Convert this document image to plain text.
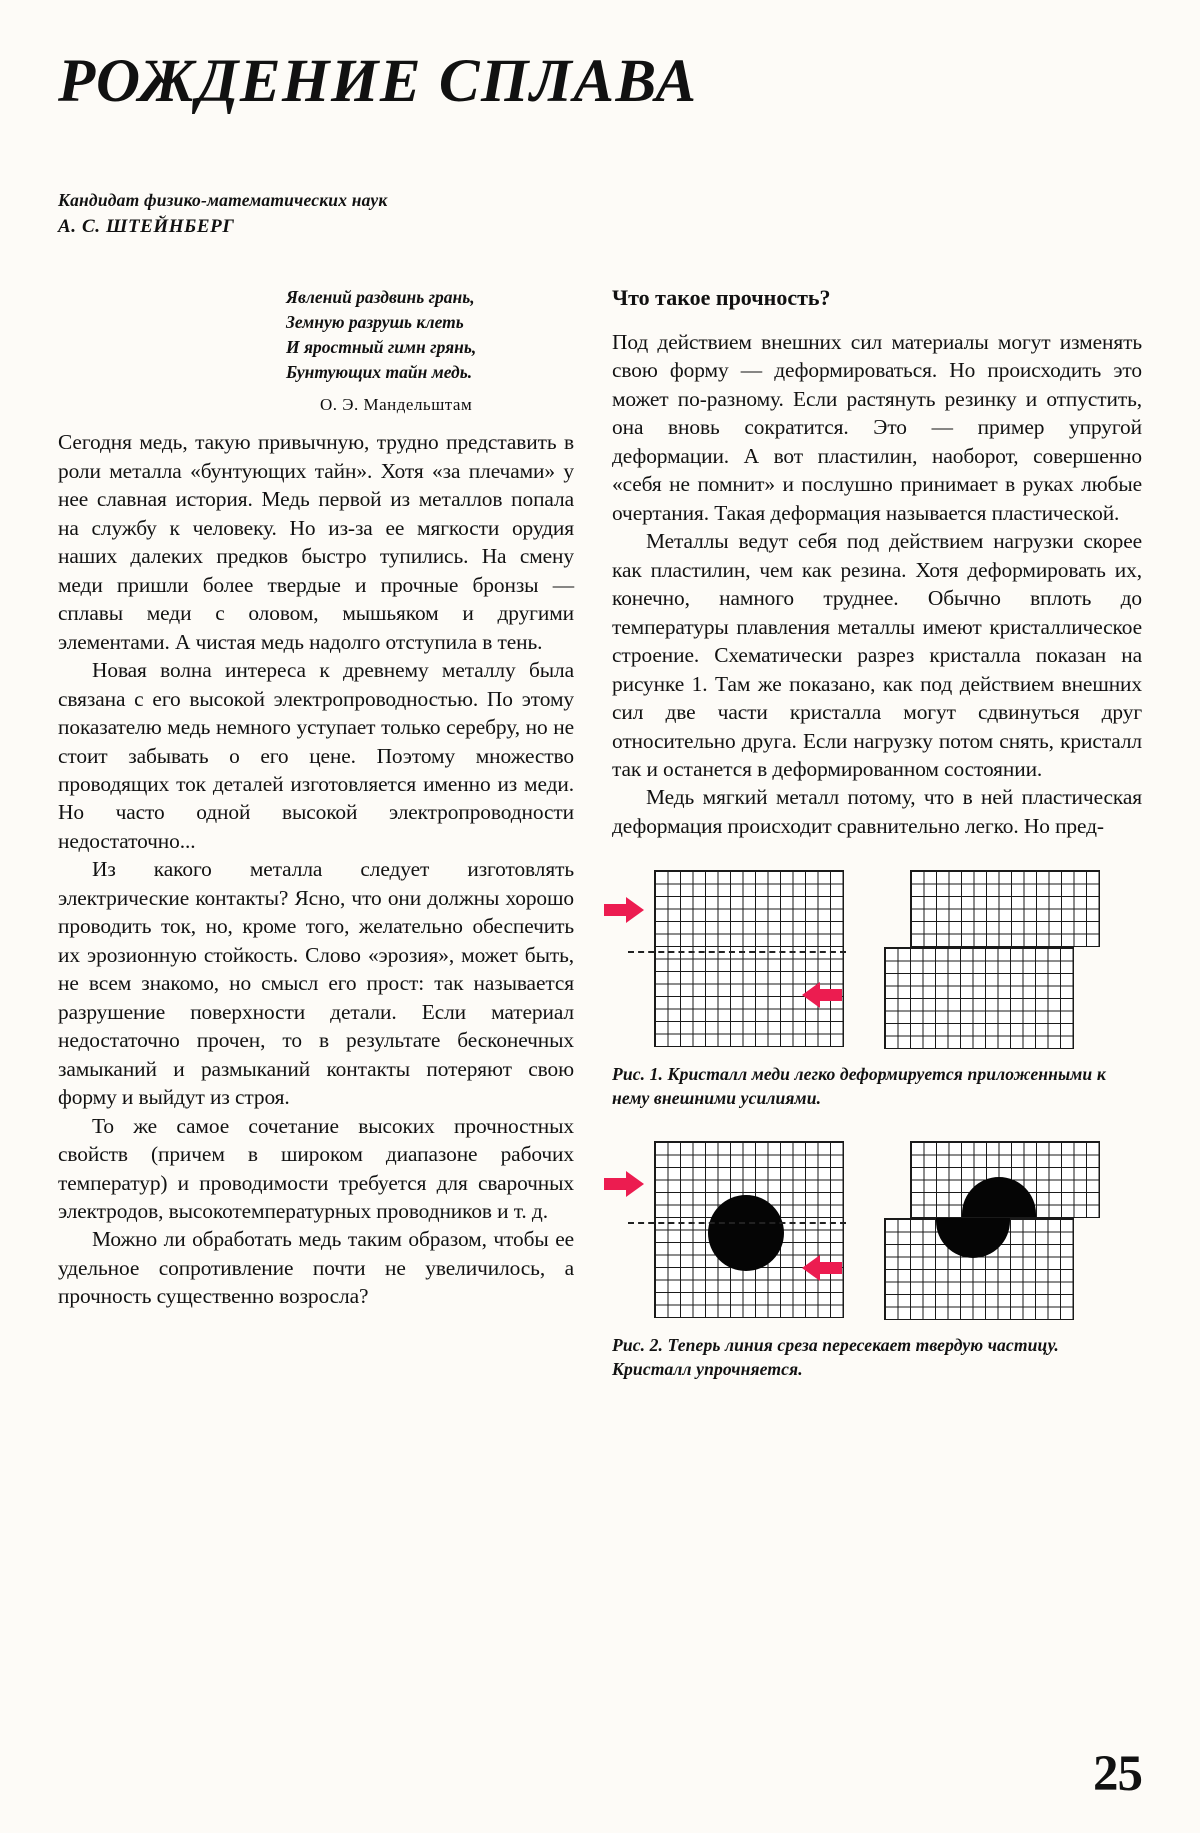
РОЖДЕНИЕ СПЛАВА
Кандидат физико-математических наук
А. С. ШТЕЙНБЕРГ
Явлений раздвинь грань,
Земную разрушь клеть
И яростный гимн грянь,
Бунтующих тайн медь.
О. Э. Мандельштам

Сегодня медь, такую привычную, трудно представить в роли металла «бунтующих тайн». Хотя «за плечами» у нее славная история. Медь первой из металлов попала на службу к человеку. Но из-за ее мягкости орудия наших далеких предков быстро тупились. На смену меди пришли более твердые и прочные бронзы — сплавы меди с оловом, мышьяком и другими элементами. А чистая медь надолго отступила в тень.

Новая волна интереса к древнему металлу была связана с его высокой электропроводностью. По этому показателю медь немного уступает только серебру, но не стоит забывать о его цене. Поэтому множество проводящих ток деталей изготовляется именно из меди. Но часто одной высокой электропроводности недостаточно...

Из какого металла следует изготовлять электрические контакты? Ясно, что они должны хорошо проводить ток, но, кроме того, желательно обеспечить их эрозионную стойкость. Слово «эрозия», может быть, не всем знакомо, но смысл его прост: так называется разрушение поверхности детали. Если материал недостаточно прочен, то в результате бесконечных замыканий и размыканий контакты потеряют свою форму и выйдут из строя.

То же самое сочетание высоких прочностных свойств (причем в широком диапазоне рабочих температур) и проводимости требуется для сварочных электродов, высокотемпературных проводников и т. д.

Можно ли обработать медь таким образом, чтобы ее удельное сопротивление почти не увеличилось, а прочность существенно возросла?

Что такое прочность?

Под действием внешних сил материалы могут изменять свою форму — деформироваться. Но происходить это может по-разному. Если растянуть резинку и отпустить, она вновь сократится. Это — пример упругой деформации. А вот пластилин, наоборот, совершенно «себя не помнит» и послушно принимает в руках любые очертания. Такая деформация называется пластической.

Металлы ведут себя под действием нагрузки скорее как пластилин, чем как резина. Хотя деформировать их, конечно, намного труднее. Обычно вплоть до температуры плавления металлы имеют кристаллическое строение. Схематически разрез кристалла показан на рисунке 1. Там же показано, как под действием внешних сил две части кристалла могут сдвинуться друг относительно друга. Если нагрузку потом снять, кристалл так и останется в деформированном состоянии.

Медь мягкий металл потому, что в ней пластическая деформация происходит сравнительно легко. Но пред-

Рис. 1. Кристалл меди легко деформируется приложенными к нему внешними усилиями.
Рис. 2. Теперь линия среза пересекает твердую частицу. Кристалл упрочняется.
25
